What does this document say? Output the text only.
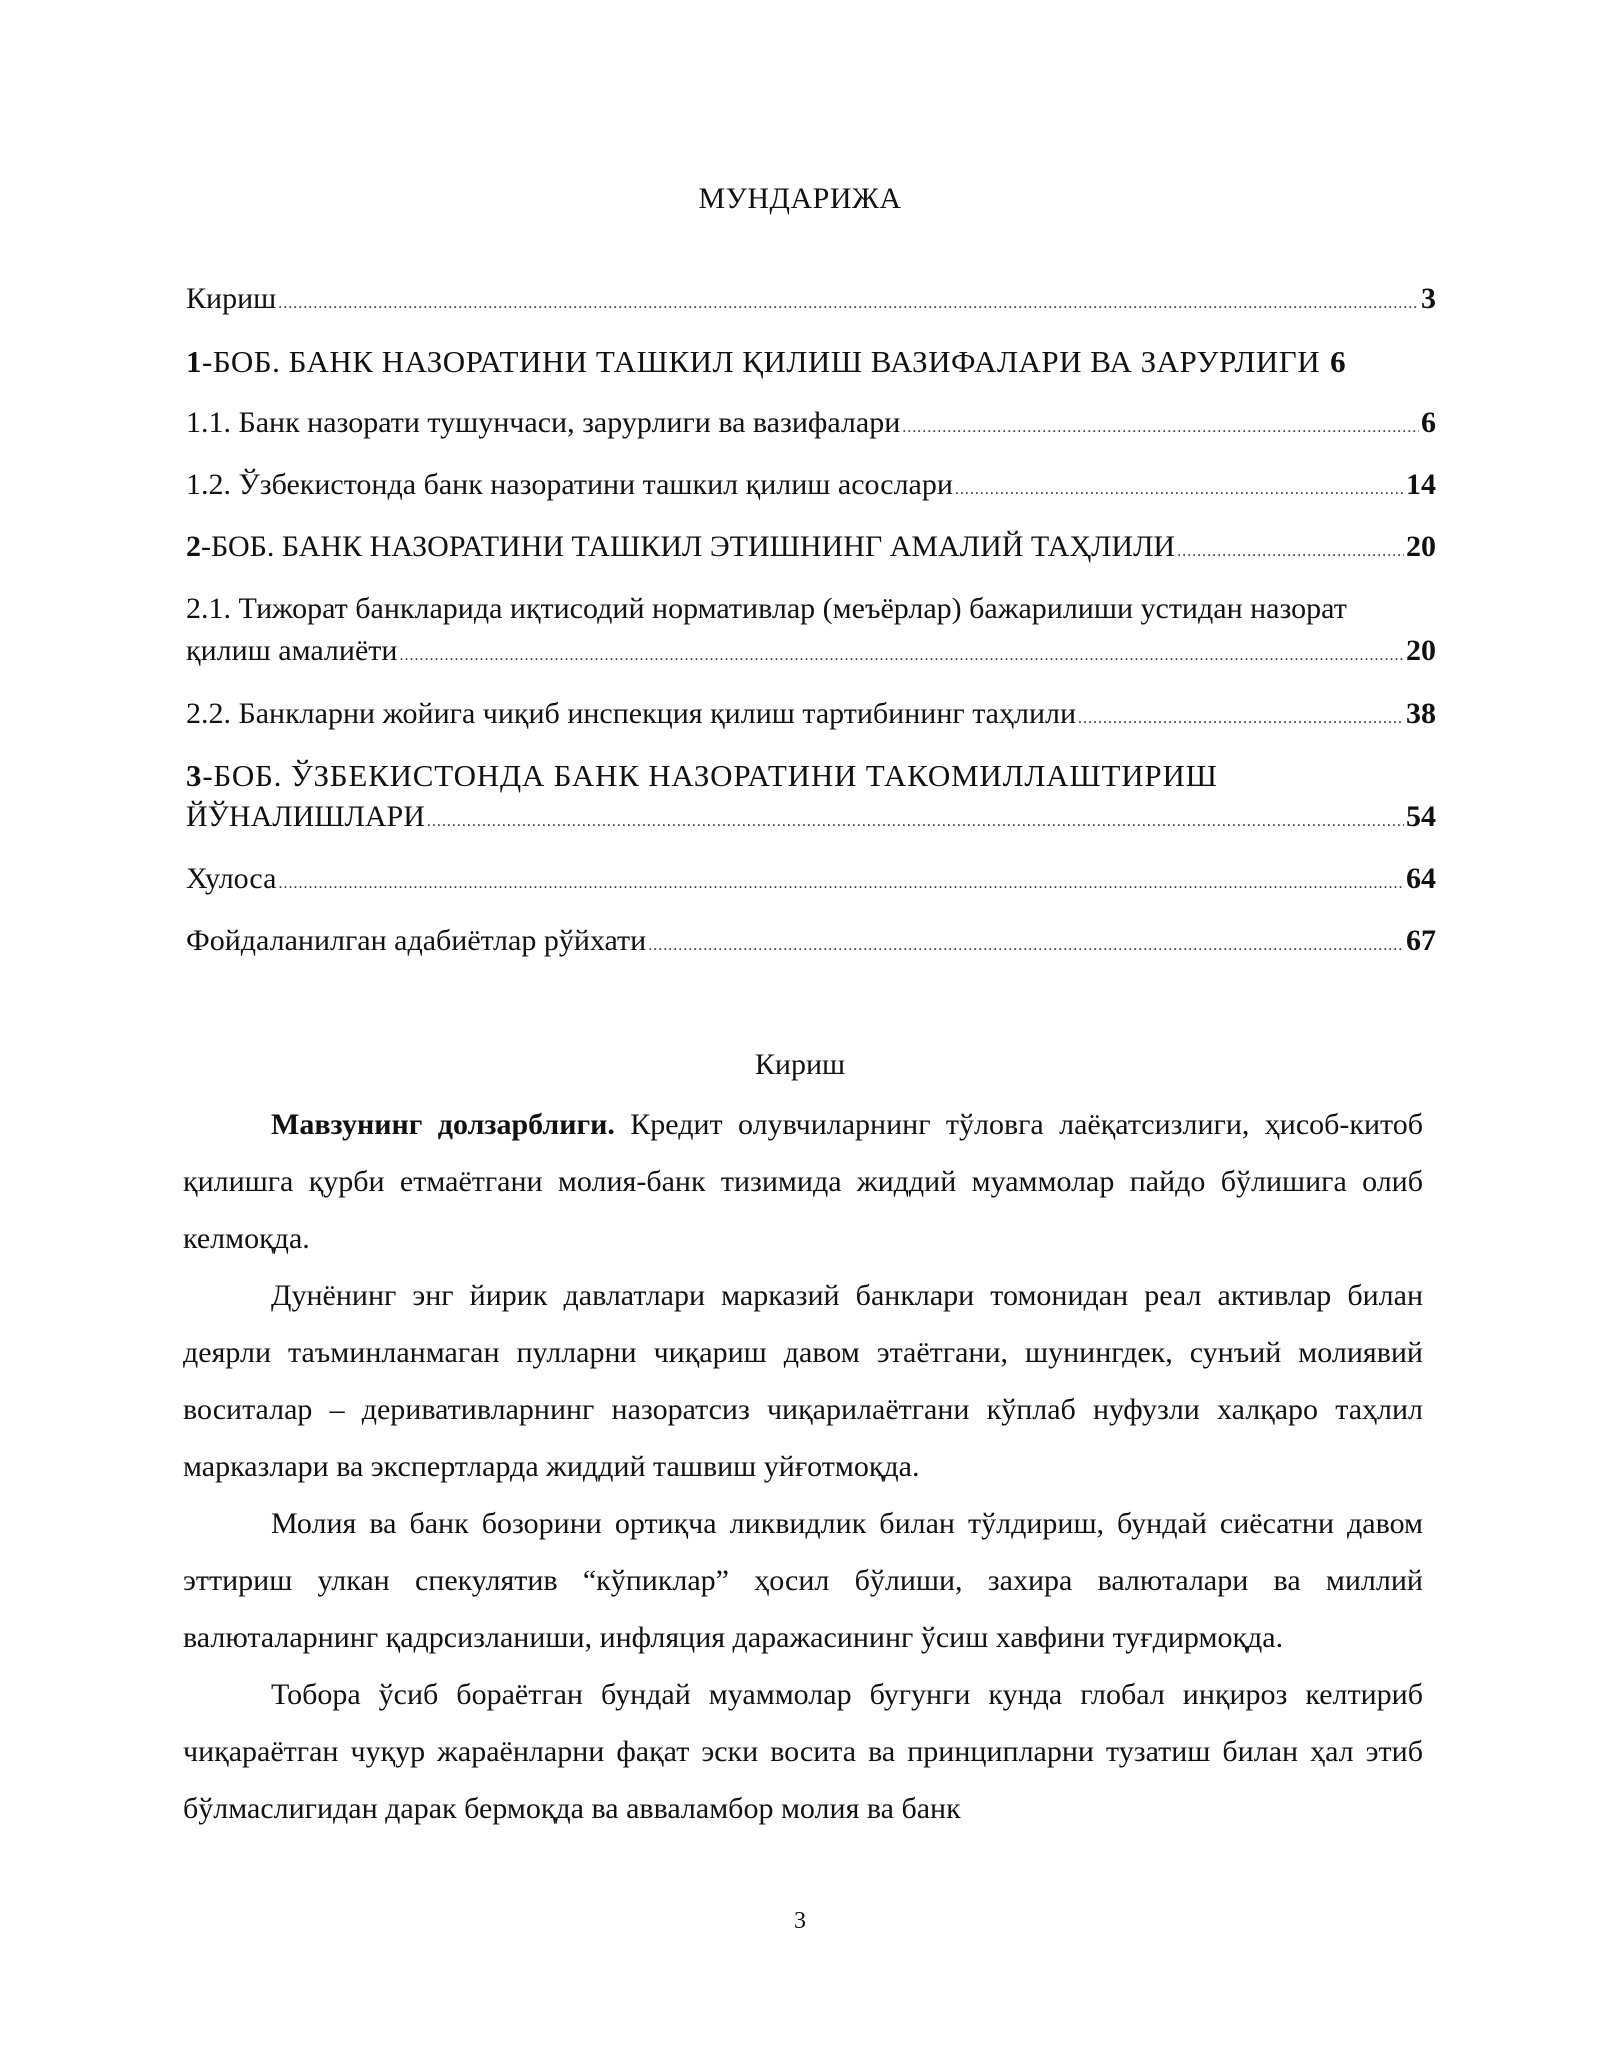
МУНДАРИЖА
Кириш .....	3
1-БОБ. БАНК НАЗОРАТИНИ ТАШКИЛ ҚИЛИШ ВАЗИФАЛАРИ ВА ЗАРУРЛИГИ 6
1.1. Банк назорати тушунчаси, зарурлиги ва вазифалари .....	6
1.2. Ўзбекистонда банк назоратини ташкил қилиш асослари .....	14
2-БОБ. БАНК НАЗОРАТИНИ ТАШКИЛ ЭТИШНИНГ АМАЛИЙ ТАҲЛИЛИ .....	20
2.1. Тижорат банкларида иқтисодий нормативлар (меъёрлар) бажарилиши устидан назорат
қилиш амалиёти .....	20
2.2. Банкларни жойига чиқиб инспекция қилиш тартибининг таҳлили .....	38
3-БОБ. ЎЗБЕКИСТОНДА БАНК НАЗОРАТИНИ ТАКОМИЛЛАШТИРИШ
ЙЎНАЛИШЛАРИ .....	54
Хулоса .....	64
Фойдаланилган адабиётлар рўйхати .....	67
Кириш

Мавзунинг долзарблиги. Кредит олувчиларнинг тўловга лаёқатсизлиги, ҳисоб-китоб қилишга қурби етмаётгани молия-банк тизимида жиддий муаммолар пайдо бўлишига олиб келмоқда.

Дунёнинг энг йирик давлатлари марказий банклари томонидан реал активлар билан деярли таъминланмаган пулларни чиқариш давом этаётгани, шунингдек, сунъий молиявий воситалар – деривативларнинг назоратсиз чиқарилаётгани кўплаб нуфузли халқаро таҳлил марказлари ва экспертларда жиддий ташвиш уйғотмоқда.

Молия ва банк бозорини ортиқча ликвидлик билан тўлдириш, бундай сиёсатни давом эттириш улкан спекулятив “кўпиклар” ҳосил бўлиши, захира валюталари ва миллий валюталарнинг қадрсизланиши, инфляция даражасининг ўсиш хавфини туғдирмоқда.

Тобора ўсиб бораётган бундай муаммолар бугунги кунда глобал инқироз келтириб чиқараётган чуқур жараёнларни фақат эски восита ва принципларни тузатиш билан ҳал этиб бўлмаслигидан дарак бермоқда ва авваламбор молия ва банк

3
